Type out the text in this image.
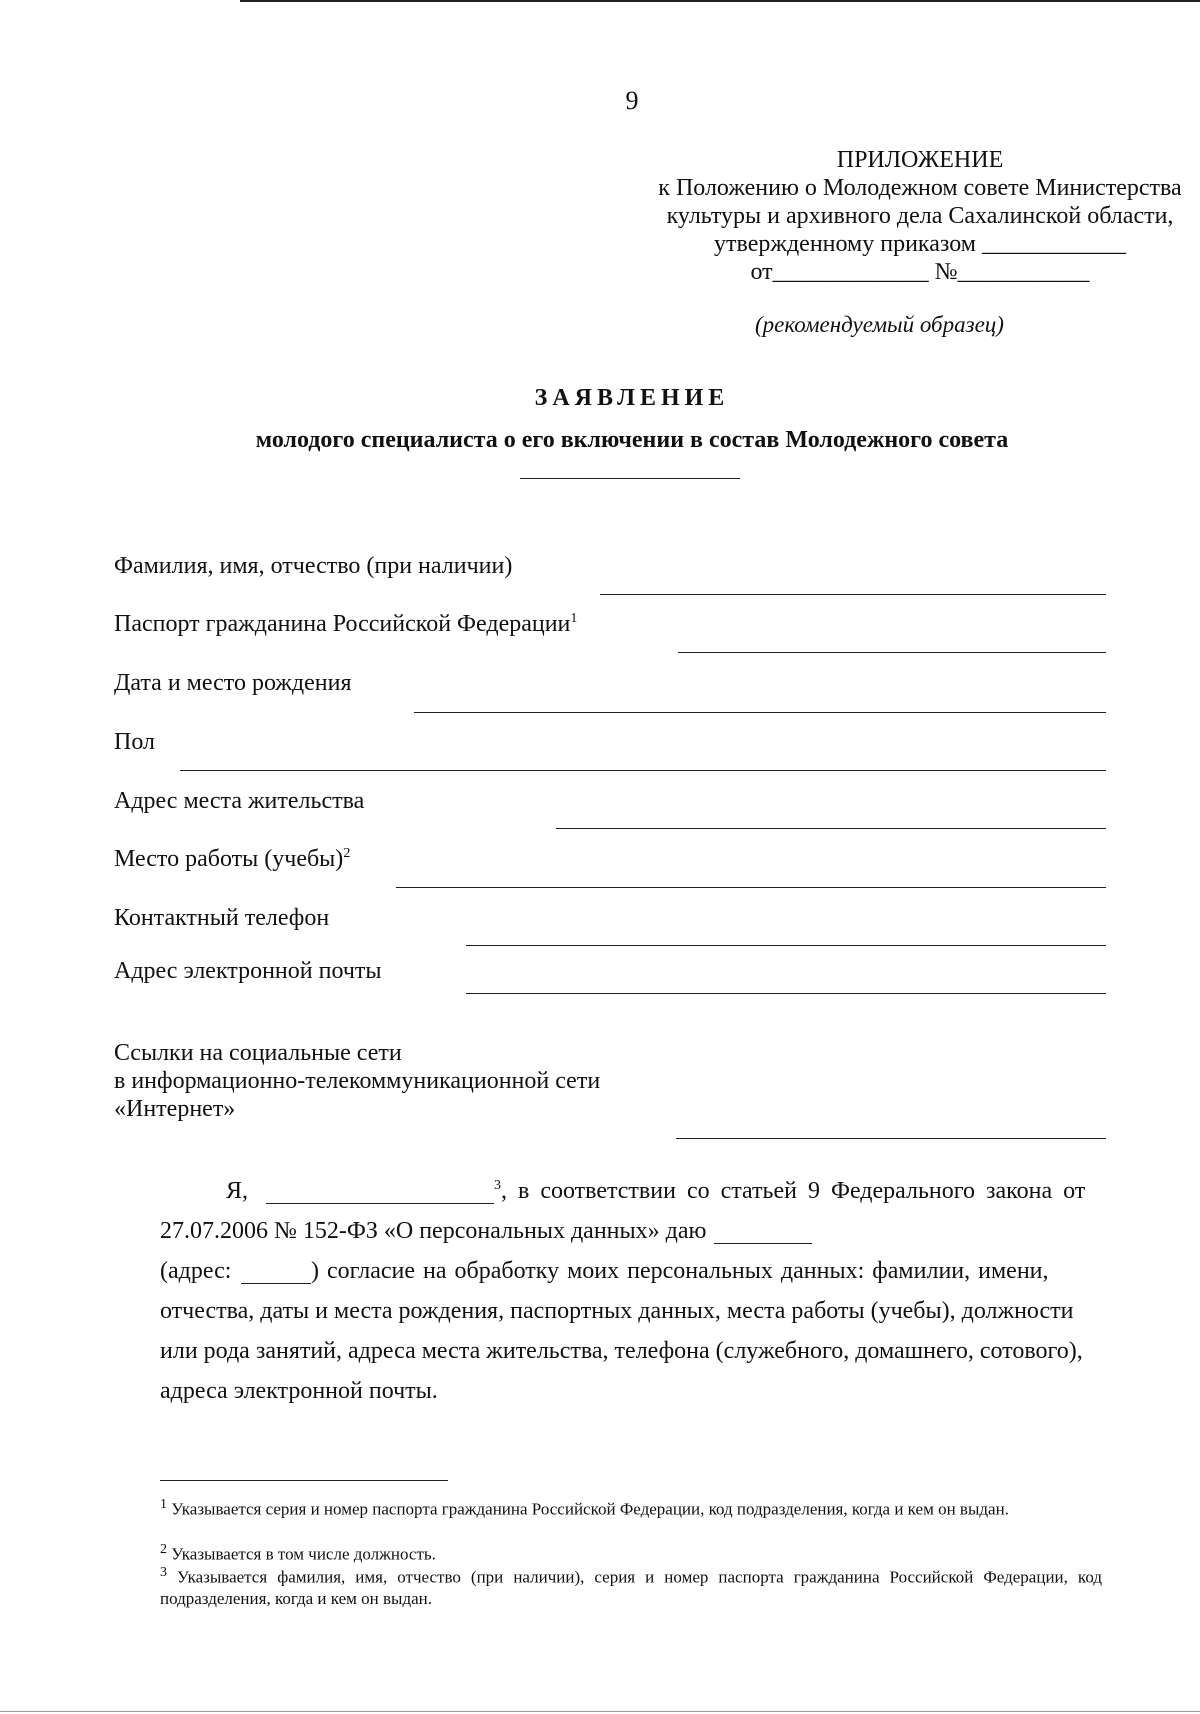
9
ПРИЛОЖЕНИЕ
к Положению о Молодежном совете Министерства
культуры и архивного дела Сахалинской области,
утвержденному приказом ____________
от_____________ №___________
(рекомендуемый образец)
ЗАЯВЛЕНИЕ
молодого специалиста о его включении в состав Молодежного совета
Фамилия, имя, отчество (при наличии)
Паспорт гражданина Российской Федерации$^1$
Дата и место рождения
Пол
Адрес места жительства
Место работы (учебы)$^2$
Контактный телефон
Адрес электронной почты
Ссылки на социальные сети
в информационно-телекоммуникационной сети
«Интернет»
Я,	$^3$, в соответствии со статьей 9 Федерального закона от
27.07.2006 № 152-ФЗ «О персональных данных» даю
(адрес:	) согласие на обработку моих персональных данных: фамилии, имени,
отчества, даты и места рождения, паспортных данных, места работы (учебы), должности
или рода занятий, адреса места жительства, телефона (служебного, домашнего, сотового),
адреса электронной почты.
$^1$ Указывается серия и номер паспорта гражданина Российской Федерации, код подразделения, когда и кем он выдан.
$^2$ Указывается в том числе должность.
$^3$ Указывается фамилия, имя, отчество (при наличии), серия и номер паспорта гражданина Российской Федерации, код подразделения, когда и кем он выдан.
